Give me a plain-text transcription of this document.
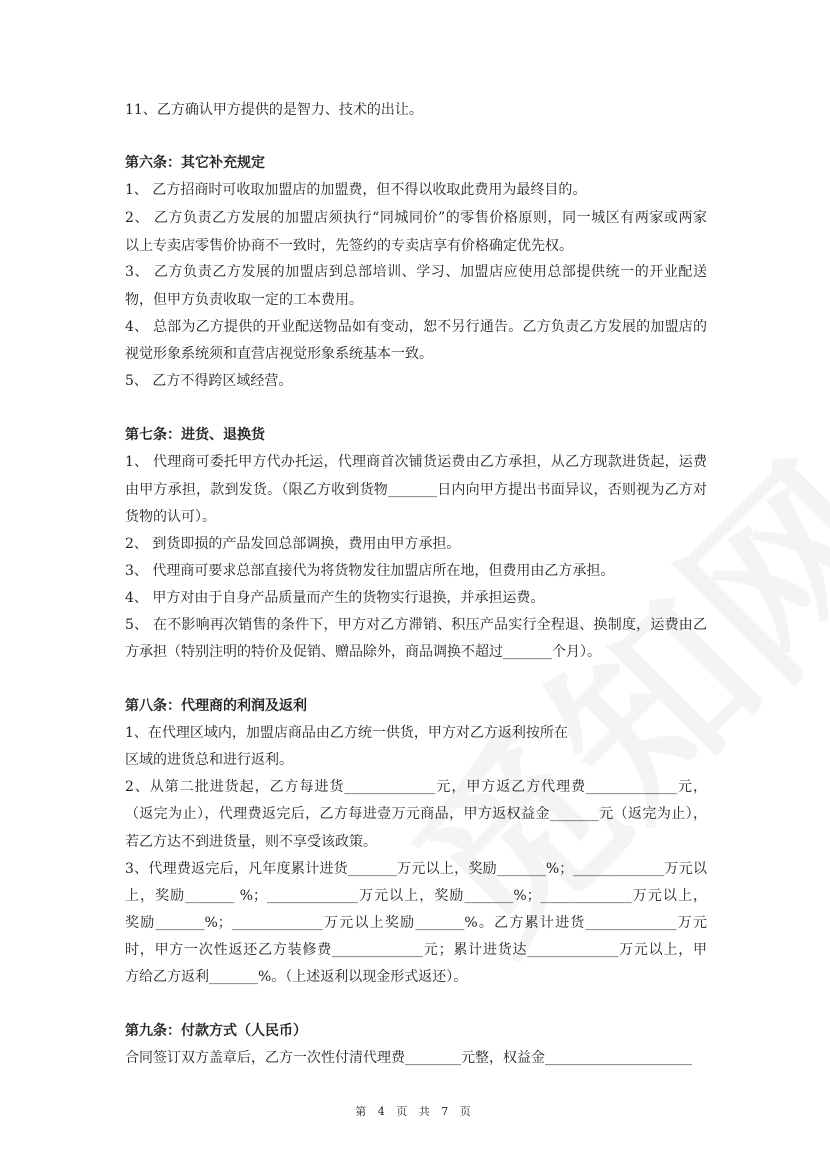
11、乙方确认甲方提供的是智力、技术的出让。
第六条：其它补充规定
1、 乙方招商时可收取加盟店的加盟费，但不得以收取此费用为最终目的。
2、 乙方负责乙方发展的加盟店须执行“同城同价”的零售价格原则，同一城区有两家或两家
以上专卖店零售价协商不一致时，先签约的专卖店享有价格确定优先权。
3、 乙方负责乙方发展的加盟店到总部培训、学习、加盟店应使用总部提供统一的开业配送
物，但甲方负责收取一定的工本费用。
4、 总部为乙方提供的开业配送物品如有变动，恕不另行通告。乙方负责乙方发展的加盟店的
视觉形象系统须和直营店视觉形象系统基本一致。
5、 乙方不得跨区域经营。
第七条：进货、退换货
1、 代理商可委托甲方代办托运，代理商首次铺货运费由乙方承担，从乙方现款进货起，运费
由甲方承担，款到发货。（限乙方收到货物_______日内向甲方提出书面异议，否则视为乙方对
货物的认可）。
2、 到货即损的产品发回总部调换，费用由甲方承担。
3、 代理商可要求总部直接代为将货物发往加盟店所在地，但费用由乙方承担。
4、 甲方对由于自身产品质量而产生的货物实行退换，并承担运费。
5、 在不影响再次销售的条件下，甲方对乙方滞销、积压产品实行全程退、换制度，运费由乙
方承担（特别注明的特价及促销、赠品除外，商品调换不超过_______个月）。
第八条：代理商的利润及返利
1、在代理区域内，加盟店商品由乙方统一供货，甲方对乙方返利按所在
区域的进货总和进行返利。
2、从第二批进货起，乙方每进货_____________元，甲方返乙方代理费_____________元，
（返完为止），代理费返完后，乙方每进壹万元商品，甲方返权益金_______元（返完为止），
若乙方达不到进货量，则不享受该政策。
3、代理费返完后，凡年度累计进货_______万元以上，奖励_______%；_____________万元以
上，奖励_______ %；_____________万元以上，奖励_______%；_____________万元以上，
奖励_______%；_____________万元以上奖励_______%。乙方累计进货_____________万元
时，甲方一次性返还乙方装修费_____________元；累计进货达_____________万元以上，甲
方给乙方返利_______%。（上述返利以现金形式返还）。
第九条：付款方式（人民币）
合同签订双方盖章后，乙方一次性付清代理费________元整，权益金_____________________
第 4 页 共 7 页
